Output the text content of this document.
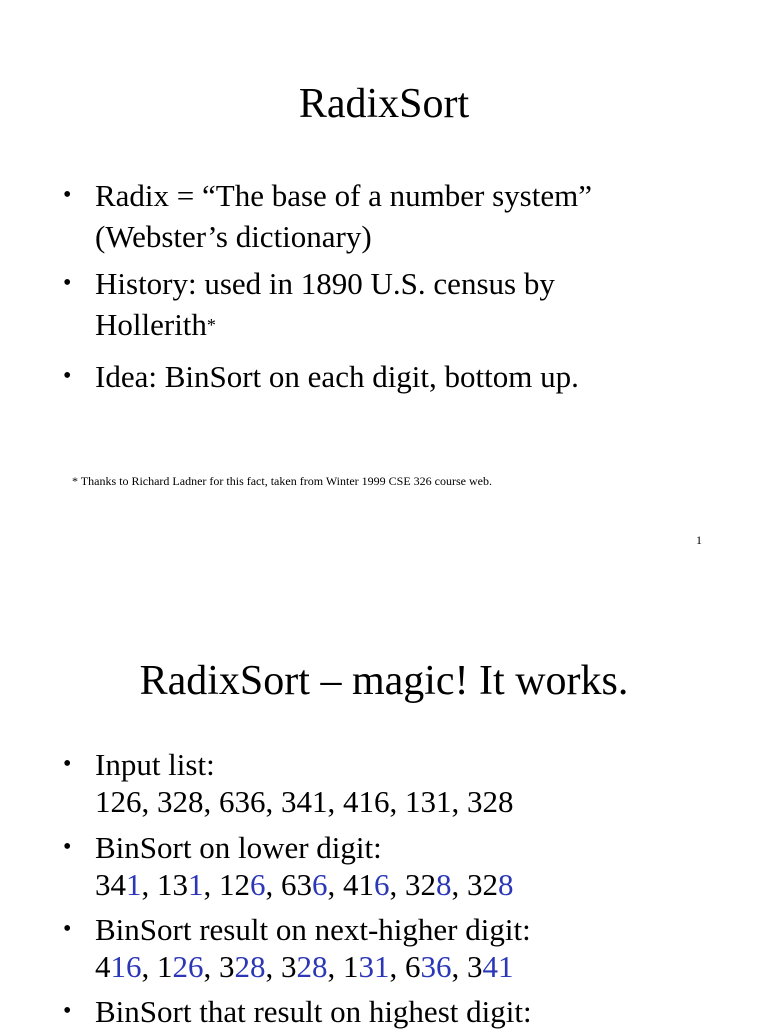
RadixSort
• Radix = “The base of a number system”
(Webster’s dictionary)
• History: used in 1890 U.S. census by
Hollerith*
• Idea: BinSort on each digit, bottom up.
* Thanks to Richard Ladner for this fact, taken from Winter 1999 CSE 326 course web.
1
RadixSort – magic! It works.
• Input list:
126, 328, 636, 341, 416, 131, 328
• BinSort on lower digit:
341, 131, 126, 636, 416, 328, 328
• BinSort result on next-higher digit:
416, 126, 328, 328, 131, 636, 341
• BinSort that result on highest digit:
